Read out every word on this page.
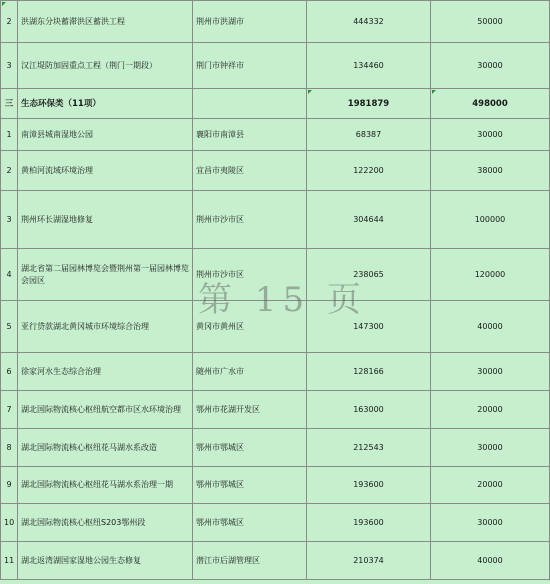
2	洪湖东分块蓄滞洪区蓄洪工程	荆州市洪湖市	444332	50000
3	汉江堤防加固重点工程（荆门一期段）	荆门市钟祥市	134460	30000
三	生态环保类（11项）		1981879	498000
1	南漳县城南湿地公园	襄阳市南漳县	68387	30000
2	黄柏河流域环境治理	宜昌市夷陵区	122200	38000
3	荆州环长湖湿地修复	荆州市沙市区	304644	100000
4	湖北省第二届园林博览会暨荆州第一届园林博览会园区	荆州市沙市区	238065	120000
5	亚行贷款湖北黄冈城市环境综合治理	黄冈市黄州区	147300	40000
6	徐家河水生态综合治理	随州市广水市	128166	30000
7	湖北国际物流核心枢纽航空都市区水环境治理	鄂州市花湖开发区	163000	20000
8	湖北国际物流核心枢纽花马湖水系改造	鄂州市鄂城区	212543	30000
9	湖北国际物流核心枢纽花马湖水系治理一期	鄂州市鄂城区	193600	20000
10	湖北国际物流核心枢纽S203鄂州段	鄂州市鄂城区	193600	30000
11	湖北返湾湖国家湿地公园生态修复	潜江市后湖管理区	210374	40000
第 15 页
